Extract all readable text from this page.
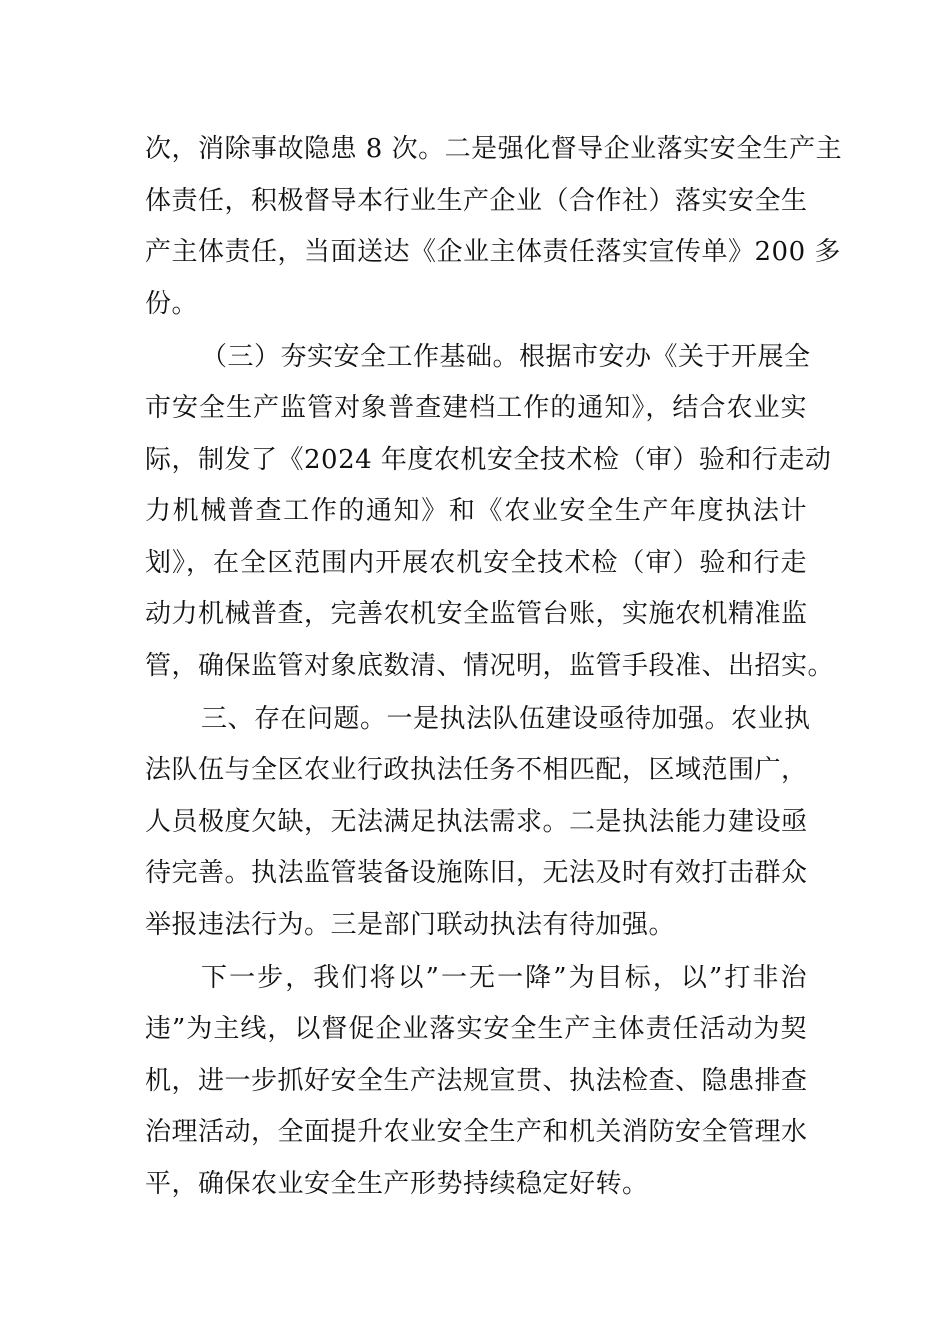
次，消除事故隐患 8 次。二是强化督导企业落实安全生产主
体责任，积极督导本行业生产企业（合作社）落实安全生
产主体责任，当面送达《企业主体责任落实宣传单》200 多
份。
（三）夯实安全工作基础。根据市安办《关于开展全
市安全生产监管对象普查建档工作的通知》，结合农业实
际，制发了《2024 年度农机安全技术检（审）验和行走动
力机械普查工作的通知》和《农业安全生产年度执法计
划》，在全区范围内开展农机安全技术检（审）验和行走
动力机械普查，完善农机安全监管台账，实施农机精准监
管，确保监管对象底数清、情况明，监管手段准、出招实。
三、存在问题。一是执法队伍建设亟待加强。农业执
法队伍与全区农业行政执法任务不相匹配，区域范围广，
人员极度欠缺，无法满足执法需求。二是执法能力建设亟
待完善。执法监管装备设施陈旧，无法及时有效打击群众
举报违法行为。三是部门联动执法有待加强。
下一步，我们将以”一无一降”为目标，以”打非治
违”为主线，以督促企业落实安全生产主体责任活动为契
机，进一步抓好安全生产法规宣贯、执法检查、隐患排查
治理活动，全面提升农业安全生产和机关消防安全管理水
平，确保农业安全生产形势持续稳定好转。
